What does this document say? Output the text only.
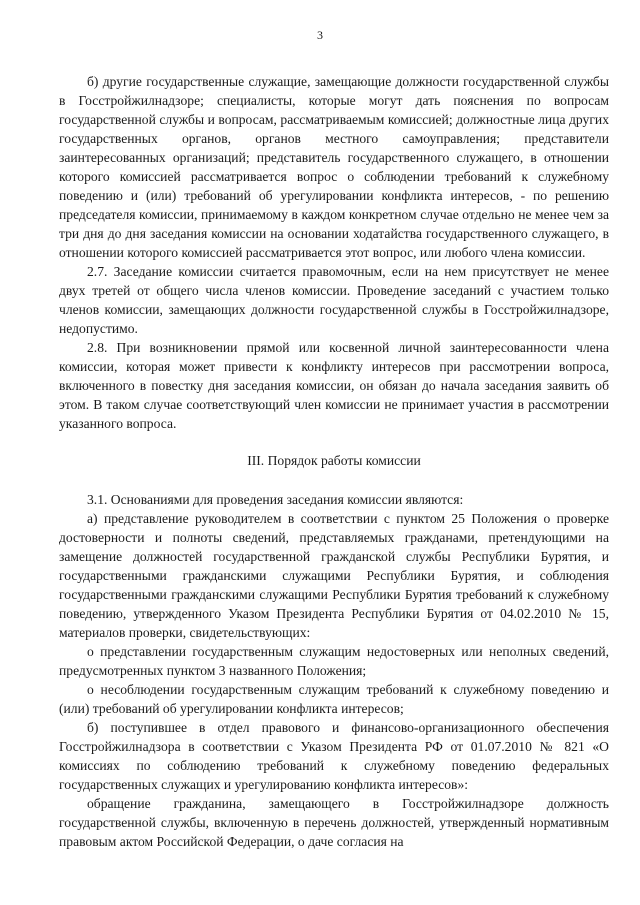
3

б) другие государственные служащие, замещающие должности государственной службы в Госстройжилнадзоре; специалисты, которые могут дать пояснения по вопросам государственной службы и вопросам, рассматриваемым комиссией; должностные лица других государственных органов, органов местного самоуправления; представители заинтересованных организаций; представитель государственного служащего, в отношении которого комиссией рассматривается вопрос о соблюдении требований к служебному поведению и (или) требований об урегулировании конфликта интересов, - по решению председателя комиссии, принимаемому в каждом конкретном случае отдельно не менее чем за три дня до дня заседания комиссии на основании ходатайства государственного служащего, в отношении которого комиссией рассматривается этот вопрос, или любого члена комиссии.

2.7. Заседание комиссии считается правомочным, если на нем присутствует не менее двух третей от общего числа членов комиссии. Проведение заседаний с участием только членов комиссии, замещающих должности государственной службы в Госстройжилнадзоре, недопустимо.

2.8. При возникновении прямой или косвенной личной заинтересованности члена комиссии, которая может привести к конфликту интересов при рассмотрении вопроса, включенного в повестку дня заседания комиссии, он обязан до начала заседания заявить об этом. В таком случае соответствующий член комиссии не принимает участия в рассмотрении указанного вопроса.

III. Порядок работы комиссии

3.1. Основаниями для проведения заседания комиссии являются:

а) представление руководителем в соответствии с пунктом 25 Положения о проверке достоверности и полноты сведений, представляемых гражданами, претендующими на замещение должностей государственной гражданской службы Республики Бурятия, и государственными гражданскими служащими Республики Бурятия, и соблюдения государственными гражданскими служащими Республики Бурятия требований к служебному поведению, утвержденного Указом Президента Республики Бурятия от 04.02.2010 № 15, материалов проверки, свидетельствующих:

о представлении государственным служащим недостоверных или неполных сведений, предусмотренных пунктом 3 названного Положения;

о несоблюдении государственным служащим требований к служебному поведению и (или) требований об урегулировании конфликта интересов;

б) поступившее в отдел правового и финансово-организационного обеспечения Госстройжилнадзора в соответствии с Указом Президента РФ от 01.07.2010 № 821 «О комиссиях по соблюдению требований к служебному поведению федеральных государственных служащих и урегулированию конфликта интересов»:

обращение гражданина, замещающего в Госстройжилнадзоре должность государственной службы, включенную в перечень должностей, утвержденный нормативным правовым актом Российской Федерации, о даче согласия на
